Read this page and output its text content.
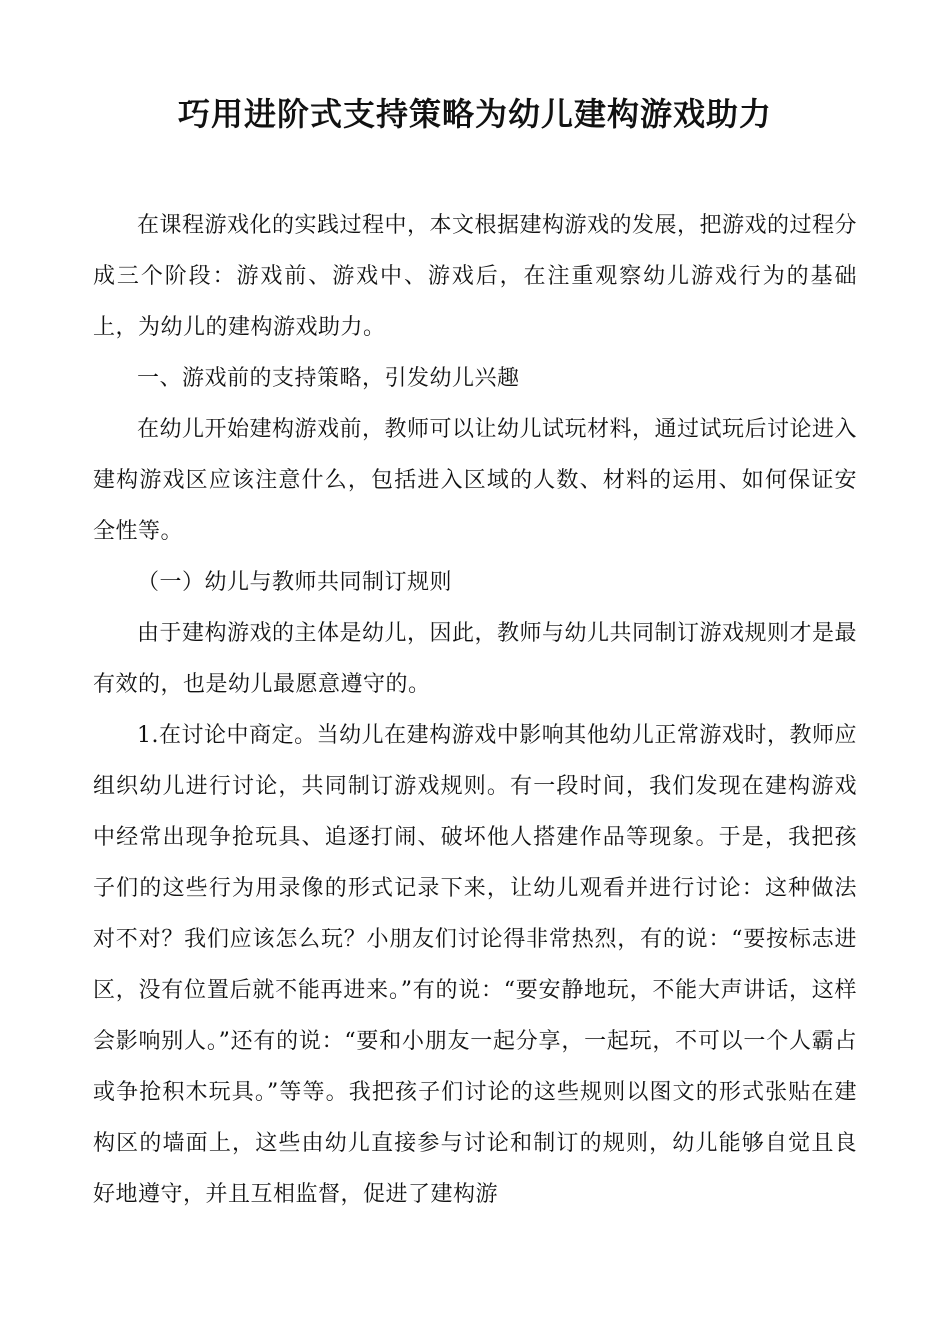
巧用进阶式支持策略为幼儿建构游戏助力

在课程游戏化的实践过程中，本文根据建构游戏的发展，把游戏的过程分成三个阶段：游戏前、游戏中、游戏后，在注重观察幼儿游戏行为的基础上，为幼儿的建构游戏助力。

一、游戏前的支持策略，引发幼儿兴趣

在幼儿开始建构游戏前，教师可以让幼儿试玩材料，通过试玩后讨论进入建构游戏区应该注意什么，包括进入区域的人数、材料的运用、如何保证安全性等。

（一）幼儿与教师共同制订规则

由于建构游戏的主体是幼儿，因此，教师与幼儿共同制订游戏规则才是最有效的，也是幼儿最愿意遵守的。

1.在讨论中商定。当幼儿在建构游戏中影响其他幼儿正常游戏时，教师应组织幼儿进行讨论，共同制订游戏规则。有一段时间，我们发现在建构游戏中经常出现争抢玩具、追逐打闹、破坏他人搭建作品等现象。于是，我把孩子们的这些行为用录像的形式记录下来，让幼儿观看并进行讨论：这种做法对不对？我们应该怎么玩？小朋友们讨论得非常热烈，有的说：“要按标志进区，没有位置后就不能再进来。”有的说：“要安静地玩，不能大声讲话，这样会影响别人。”还有的说：“要和小朋友一起分享，一起玩，不可以一个人霸占或争抢积木玩具。”等等。我把孩子们讨论的这些规则以图文的形式张贴在建构区的墙面上，这些由幼儿直接参与讨论和制订的规则，幼儿能够自觉且良好地遵守，并且互相监督，促进了建构游
